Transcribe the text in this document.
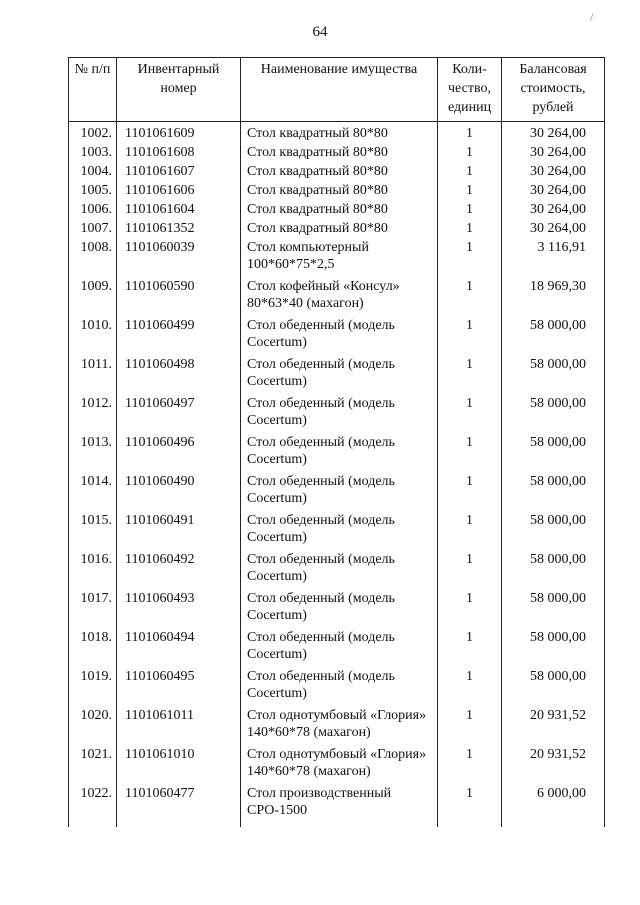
64
/
№ п/п	Инвентарный номер	Наименование имущества	Коли- чество, единиц	Балансовая стоимость, рублей
1002.	1101061609	Стол квадратный 80*80	1	30 264,00
1003.	1101061608	Стол квадратный 80*80	1	30 264,00
1004.	1101061607	Стол квадратный 80*80	1	30 264,00
1005.	1101061606	Стол квадратный 80*80	1	30 264,00
1006.	1101061604	Стол квадратный 80*80	1	30 264,00
1007.	1101061352	Стол квадратный 80*80	1	30 264,00
1008.	1101060039	Стол компьютерный 100*60*75*2,5	1	3 116,91
1009.	1101060590	Стол кофейный «Консул» 80*63*40 (махагон)	1	18 969,30
1010.	1101060499	Стол обеденный (модель Cocertum)	1	58 000,00
1011.	1101060498	Стол обеденный (модель Cocertum)	1	58 000,00
1012.	1101060497	Стол обеденный (модель Cocertum)	1	58 000,00
1013.	1101060496	Стол обеденный (модель Cocertum)	1	58 000,00
1014.	1101060490	Стол обеденный (модель Cocertum)	1	58 000,00
1015.	1101060491	Стол обеденный (модель Cocertum)	1	58 000,00
1016.	1101060492	Стол обеденный (модель Cocertum)	1	58 000,00
1017.	1101060493	Стол обеденный (модель Cocertum)	1	58 000,00
1018.	1101060494	Стол обеденный (модель Cocertum)	1	58 000,00
1019.	1101060495	Стол обеденный (модель Cocertum)	1	58 000,00
1020.	1101061011	Стол однотумбовый «Глория» 140*60*78 (махагон)	1	20 931,52
1021.	1101061010	Стол однотумбовый «Глория» 140*60*78 (махагон)	1	20 931,52
1022.	1101060477	Стол производственный СРО-1500	1	6 000,00
